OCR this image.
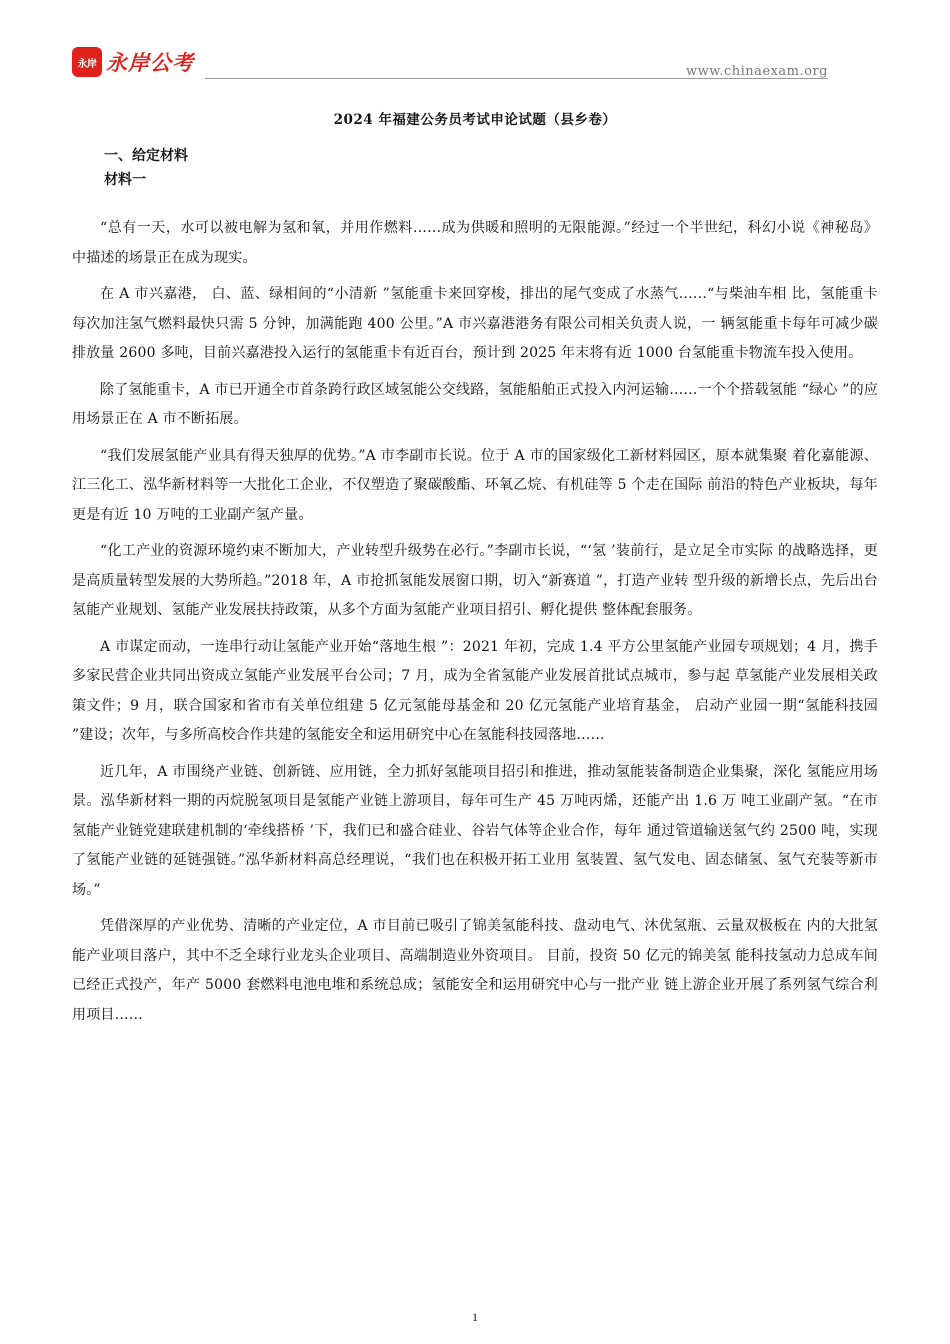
永岸 永岸公考	www.chinaexam.org
2024 年福建公务员考试申论试题（县乡卷）
一、给定材料
材料一

“总有一天，水可以被电解为氢和氧，并用作燃料……成为供暖和照明的无限能源。”经过一个半世纪，科幻小说《神秘岛》 中描述的场景正在成为现实。

在 A 市兴嘉港， 白、蓝、绿相间的“小清新 ”氢能重卡来回穿梭，排出的尾气变成了水蒸气……“与柴油车相 比，氢能重卡每次加注氢气燃料最快只需 5 分钟，加满能跑 400 公里。”A 市兴嘉港港务有限公司相关负责人说，一 辆氢能重卡每年可减少碳排放量 2600 多吨，目前兴嘉港投入运行的氢能重卡有近百台，预计到 2025 年末将有近 1000 台氢能重卡物流车投入使用。

除了氢能重卡，A 市已开通全市首条跨行政区域氢能公交线路，氢能船舶正式投入内河运输……一个个搭载氢能 “绿心 ”的应用场景正在 A 市不断拓展。

“我们发展氢能产业具有得天独厚的优势。”A 市李副市长说。位于 A 市的国家级化工新材料园区，原本就集聚 着化嘉能源、江三化工、泓华新材料等一大批化工企业，不仅塑造了聚碳酸酯、环氧乙烷、有机硅等 5 个走在国际 前沿的特色产业板块，每年更是有近 10 万吨的工业副产氢产量。

“化工产业的资源环境约束不断加大，产业转型升级势在必行。”李副市长说，“‘氢 ’装前行，是立足全市实际 的战略选择，更是高质量转型发展的大势所趋。”2018 年，A 市抢抓氢能发展窗口期，切入“新赛道 ”，打造产业转 型升级的新增长点，先后出台氢能产业规划、氢能产业发展扶持政策，从多个方面为氢能产业项目招引、孵化提供 整体配套服务。

A 市谋定而动，一连串行动让氢能产业开始“落地生根 ”：2021 年初，完成 1.4 平方公里氢能产业园专项规划；4 月，携手多家民营企业共同出资成立氢能产业发展平台公司；7 月，成为全省氢能产业发展首批试点城市，参与起 草氢能产业发展相关政策文件；9 月，联合国家和省市有关单位组建 5 亿元氢能母基金和 20 亿元氢能产业培育基金， 启动产业园一期“氢能科技园 ”建设；次年，与多所高校合作共建的氢能安全和运用研究中心在氢能科技园落地……

近几年，A 市围绕产业链、创新链、应用链，全力抓好氢能项目招引和推进，推动氢能装备制造企业集聚，深化 氢能应用场景。泓华新材料一期的丙烷脱氢项目是氢能产业链上游项目，每年可生产 45 万吨丙烯，还能产出 1.6 万 吨工业副产氢。“在市氢能产业链党建联建机制的‘牵线搭桥 ’下，我们已和盛合硅业、谷岩气体等企业合作，每年 通过管道输送氢气约 2500 吨，实现了氢能产业链的延链强链。”泓华新材料高总经理说，“我们也在积极开拓工业用 氢装置、氢气发电、固态储氢、氢气充装等新市场。”

凭借深厚的产业优势、清晰的产业定位，A 市目前已吸引了锦美氢能科技、盘动电气、沐优氢瓶、云量双极板在 内的大批氢能产业项目落户，其中不乏全球行业龙头企业项目、高端制造业外资项目。 目前，投资 50 亿元的锦美氢 能科技氢动力总成车间已经正式投产，年产 5000 套燃料电池电堆和系统总成；氢能安全和运用研究中心与一批产业 链上游企业开展了系列氢气综合利用项目……

1
